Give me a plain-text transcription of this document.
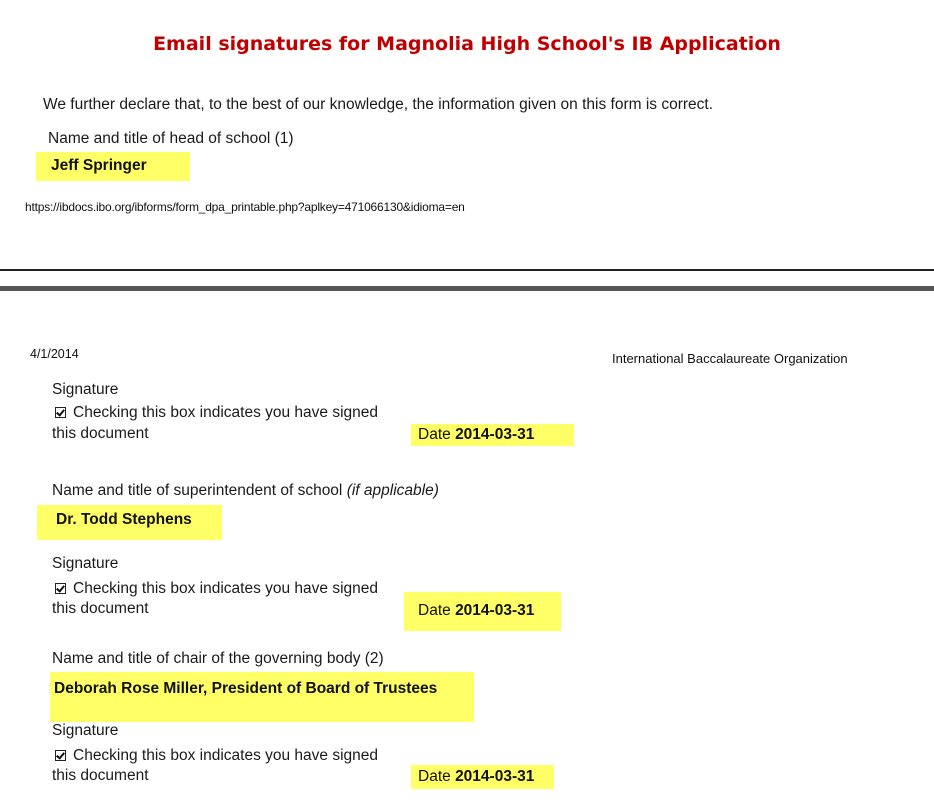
Email signatures for Magnolia High School's IB Application
We further declare that, to the best of our knowledge, the information given on this form is correct.
Name and title of head of school (1)
Jeff Springer
https://ibdocs.ibo.org/ibforms/form_dpa_printable.php?aplkey=471066130&idioma=en
4/1/2014	International Baccalaureate Organization
Signature
Checking this box indicates you have signed
this document	Date 2014-03-31
Name and title of superintendent of school (if applicable)
Dr. Todd Stephens
Signature
Checking this box indicates you have signed
this document	Date 2014-03-31
Name and title of chair of the governing body (2)
Deborah Rose Miller, President of Board of Trustees
Signature
Checking this box indicates you have signed
this document	Date 2014-03-31
